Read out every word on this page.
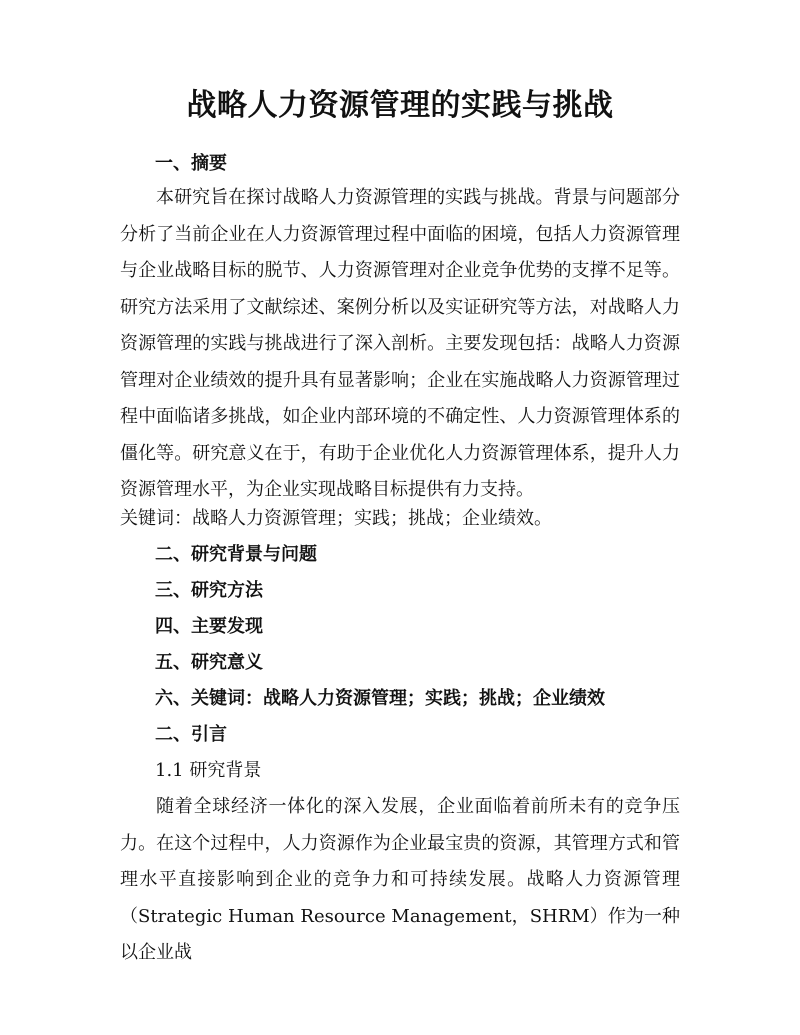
战略人力资源管理的实践与挑战
一、摘要

本研究旨在探讨战略人力资源管理的实践与挑战。背景与问题部分分析了当前企业在人力资源管理过程中面临的困境，包括人力资源管理与企业战略目标的脱节、人力资源管理对企业竞争优势的支撑不足等。研究方法采用了文献综述、案例分析以及实证研究等方法，对战略人力资源管理的实践与挑战进行了深入剖析。主要发现包括：战略人力资源管理对企业绩效的提升具有显著影响；企业在实施战略人力资源管理过程中面临诸多挑战，如企业内部环境的不确定性、人力资源管理体系的僵化等。研究意义在于，有助于企业优化人力资源管理体系，提升人力资源管理水平，为企业实现战略目标提供有力支持。

关键词：战略人力资源管理；实践；挑战；企业绩效。

二、研究背景与问题
三、研究方法
四、主要发现
五、研究意义
六、关键词：战略人力资源管理；实践；挑战；企业绩效
二、引言

1.1 研究背景

随着全球经济一体化的深入发展，企业面临着前所未有的竞争压力。在这个过程中，人力资源作为企业最宝贵的资源，其管理方式和管理水平直接影响到企业的竞争力和可持续发展。战略人力资源管理（Strategic Human Resource Management，SHRM）作为一种以企业战
